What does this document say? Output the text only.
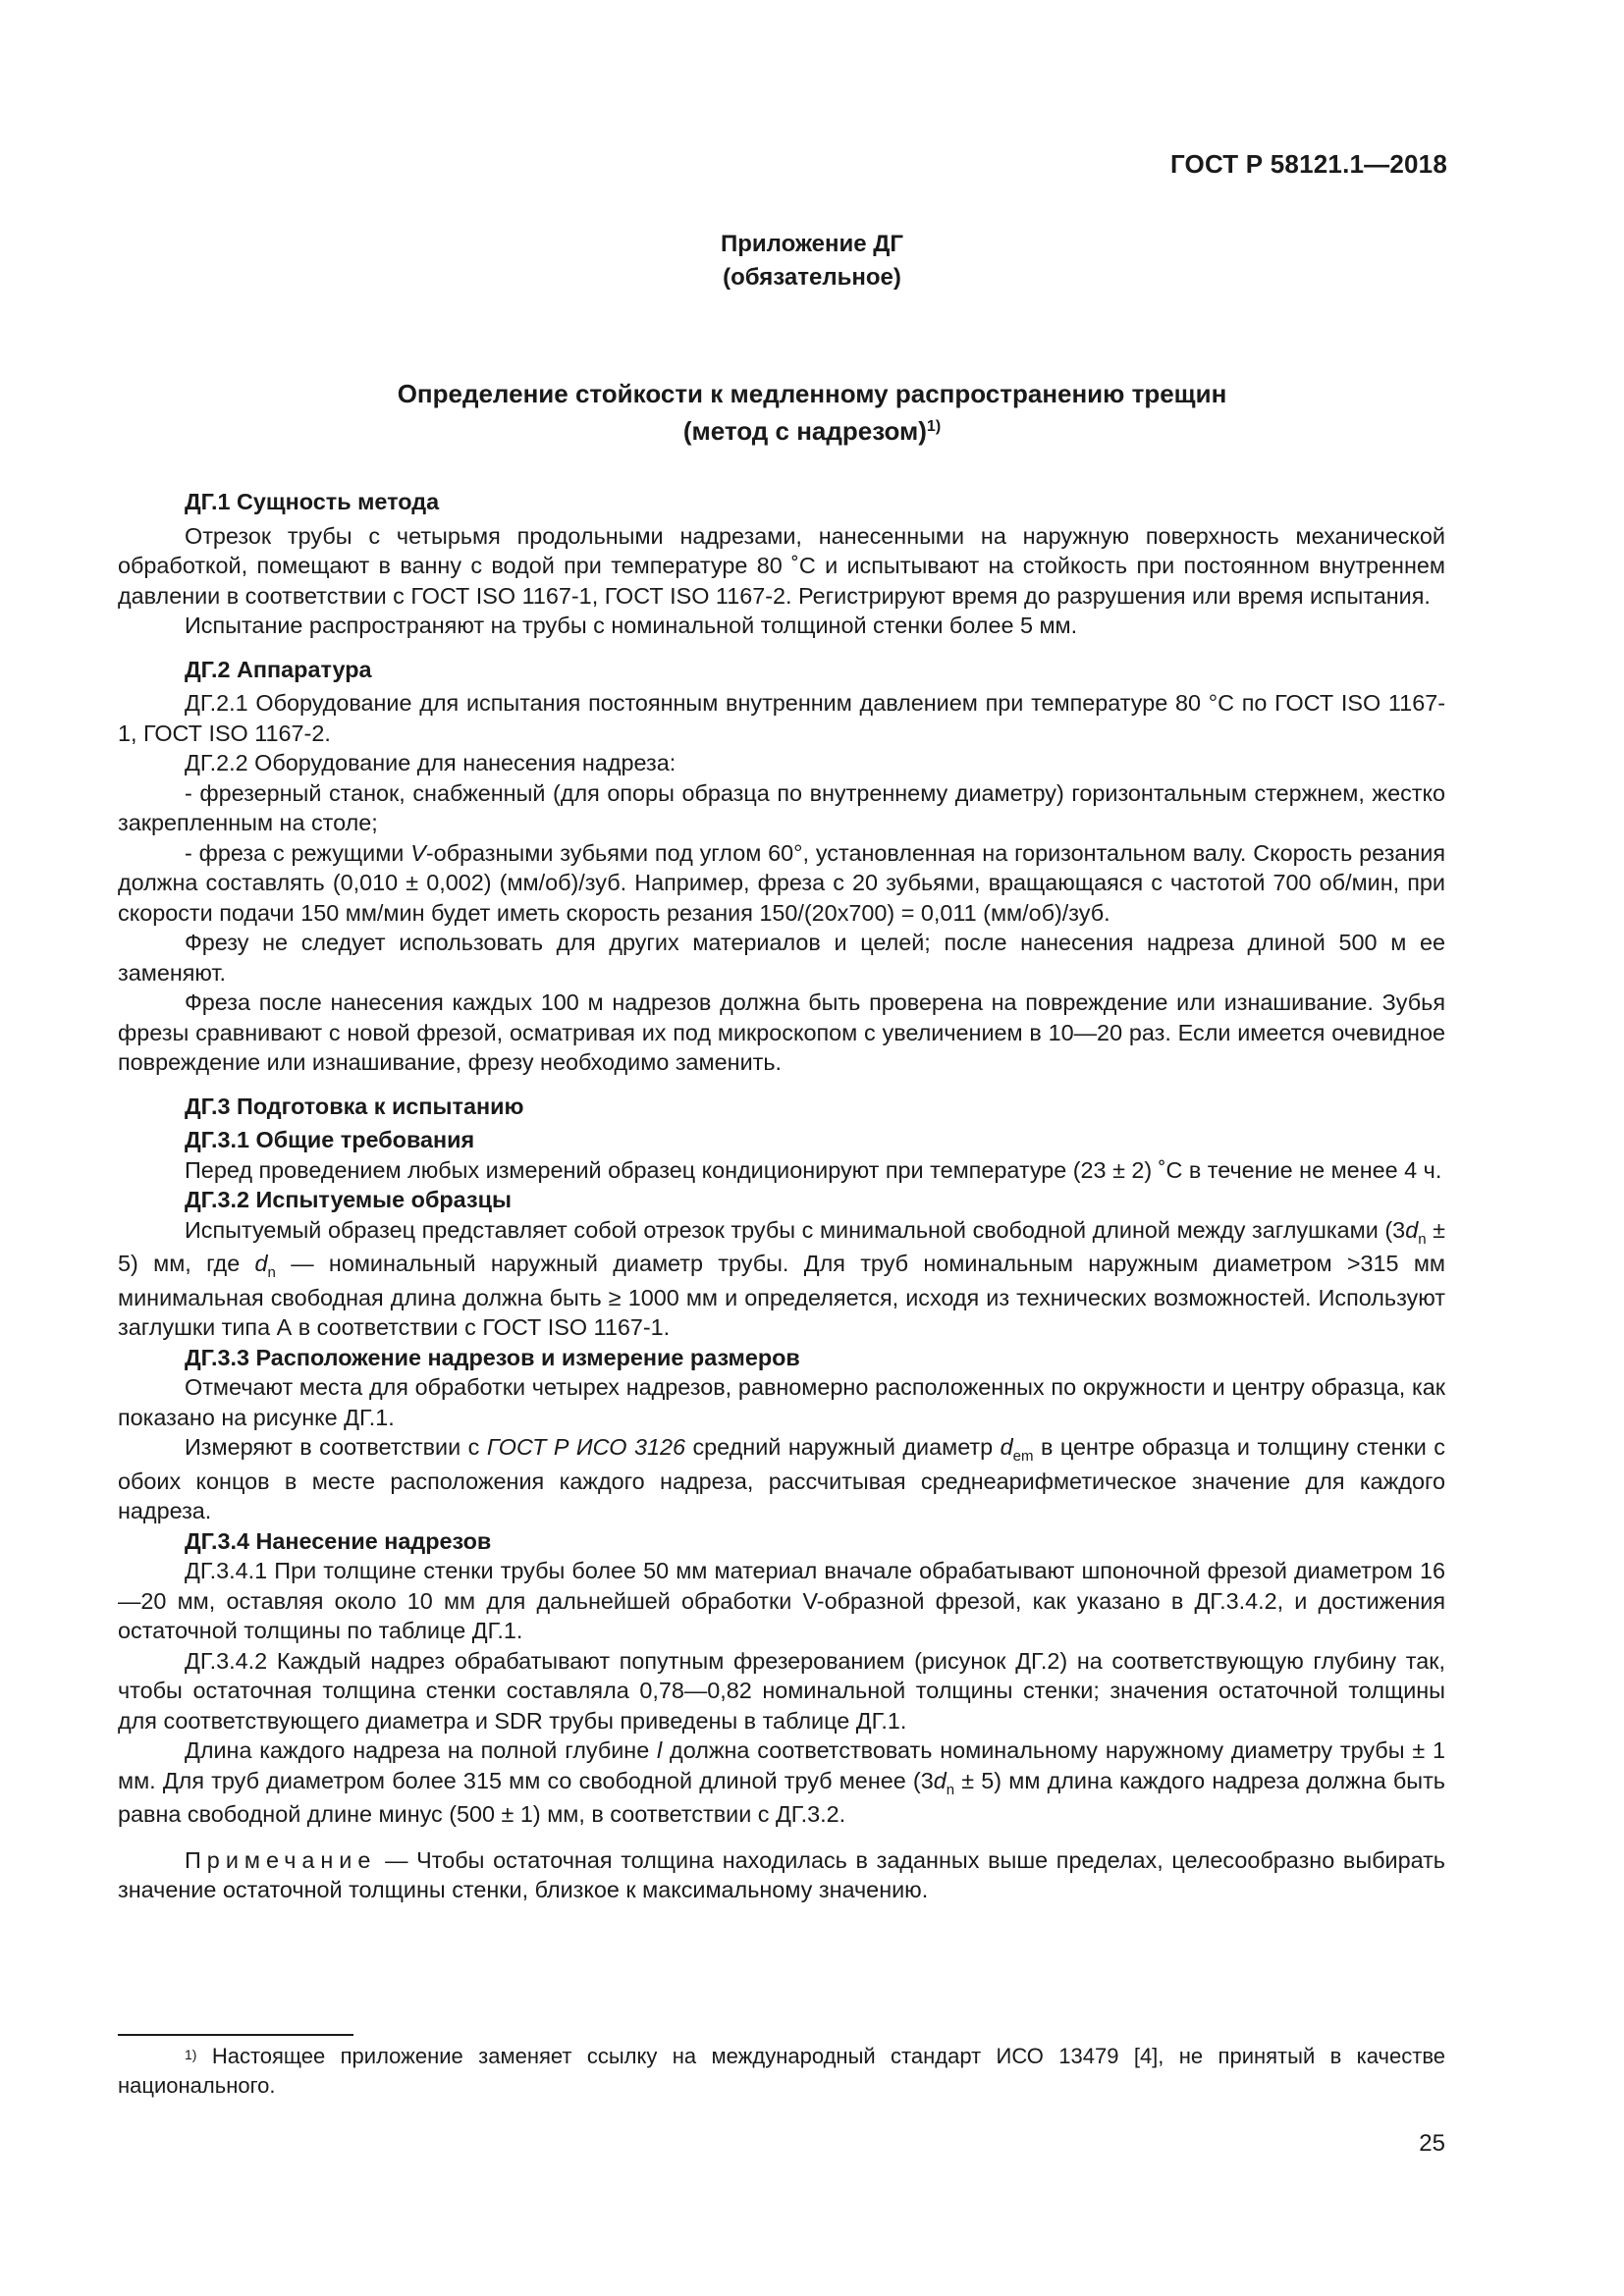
ГОСТ Р 58121.1—2018
Приложение ДГ
(обязательное)
Определение стойкости к медленному распространению трещин
(метод с надрезом)$^{1)}$
ДГ.1 Сущность метода

Отрезок трубы с четырьмя продольными надрезами, нанесенными на наружную поверхность механической обработкой, помещают в ванну с водой при температуре 80 ˚С и испытывают на стойкость при постоянном внутреннем давлении в соответствии с ГОСТ ISO 1167-1, ГОСТ ISO 1167-2. Регистрируют время до разрушения или время испытания.

Испытание распространяют на трубы с номинальной толщиной стенки более 5 мм.

ДГ.2 Аппаратура

ДГ.2.1 Оборудование для испытания постоянным внутренним давлением при температуре 80 °С по ГОСТ ISO 1167-1, ГОСТ ISO 1167-2.

ДГ.2.2 Оборудование для нанесения надреза:

- фрезерный станок, снабженный (для опоры образца по внутреннему диаметру) горизонтальным стержнем, жестко закрепленным на столе;

- фреза с режущими V-образными зубьями под углом 60°, установленная на горизонтальном валу. Скорость резания должна составлять (0,010 ± 0,002) (мм/об)/зуб. Например, фреза с 20 зубьями, вращающаяся с частотой 700 об/мин, при скорости подачи 150 мм/мин будет иметь скорость резания 150/(20х700) = 0,011 (мм/об)/зуб.

Фрезу не следует использовать для других материалов и целей; после нанесения надреза длиной 500 м ее заменяют.

Фреза после нанесения каждых 100 м надрезов должна быть проверена на повреждение или изнашивание. Зубья фрезы сравнивают с новой фрезой, осматривая их под микроскопом с увеличением в 10—20 раз. Если имеется очевидное повреждение или изнашивание, фрезу необходимо заменить.

ДГ.3 Подготовка к испытанию
ДГ.3.1 Общие требования

Перед проведением любых измерений образец кондиционируют при температуре (23 ± 2) ˚С в течение не менее 4 ч.

ДГ.3.2 Испытуемые образцы

Испытуемый образец представляет собой отрезок трубы с минимальной свободной длиной между заглушками $(3d_n \pm 5)$ мм, где $d_n$ — номинальный наружный диаметр трубы. Для труб номинальным наружным диаметром >315 мм минимальная свободная длина должна быть ≥ 1000 мм и определяется, исходя из технических возможностей. Используют заглушки типа А в соответствии с ГОСТ ISO 1167-1.

ДГ.3.3 Расположение надрезов и измерение размеров

Отмечают места для обработки четырех надрезов, равномерно расположенных по окружности и центру образца, как показано на рисунке ДГ.1.

Измеряют в соответствии с ГОСТ Р ИСО 3126 средний наружный диаметр $d_{em}$ в центре образца и толщину стенки с обоих концов в месте расположения каждого надреза, рассчитывая среднеарифметическое значение для каждого надреза.

ДГ.3.4 Нанесение надрезов

ДГ.3.4.1 При толщине стенки трубы более 50 мм материал вначале обрабатывают шпоночной фрезой диаметром 16—20 мм, оставляя около 10 мм для дальнейшей обработки V-образной фрезой, как указано в ДГ.3.4.2, и достижения остаточной толщины по таблице ДГ.1.

ДГ.3.4.2 Каждый надрез обрабатывают попутным фрезерованием (рисунок ДГ.2) на соответствующую глубину так, чтобы остаточная толщина стенки составляла 0,78—0,82 номинальной толщины стенки; значения остаточной толщины для соответствующего диаметра и SDR трубы приведены в таблице ДГ.1.

Длина каждого надреза на полной глубине l должна соответствовать номинальному наружному диаметру трубы ± 1 мм. Для труб диаметром более 315 мм со свободной длиной труб менее $(3d_n \pm 5)$ мм длина каждого надреза должна быть равна свободной длине минус (500 ± 1) мм, в соответствии с ДГ.3.2.

Примечание — Чтобы остаточная толщина находилась в заданных выше пределах, целесообразно выбирать значение остаточной толщины стенки, близкое к максимальному значению.

$^{1)}$ Настоящее приложение заменяет ссылку на международный стандарт ИСО 13479 [4], не принятый в качестве национального.
25
